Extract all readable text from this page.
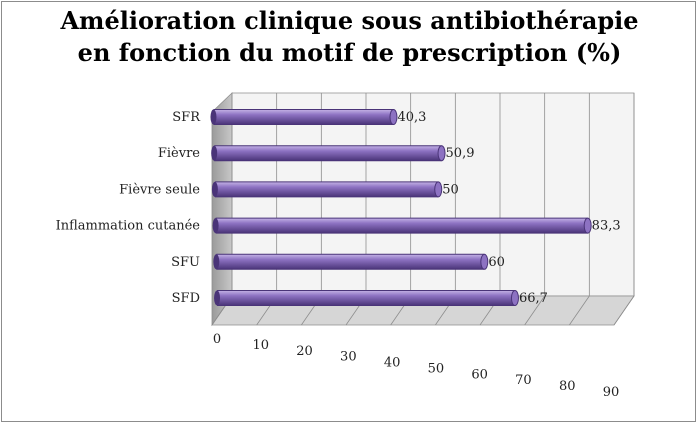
Amélioration clinique sous antibiothérapie
en fonction du motif de prescription (%)
0 10 20 30 40 50 60 70 80 90
SFR	40,3
Fièvre	50,9
Fièvre seule	50
Inflammation cutanée	83,3
SFU	60
SFD	66,7
